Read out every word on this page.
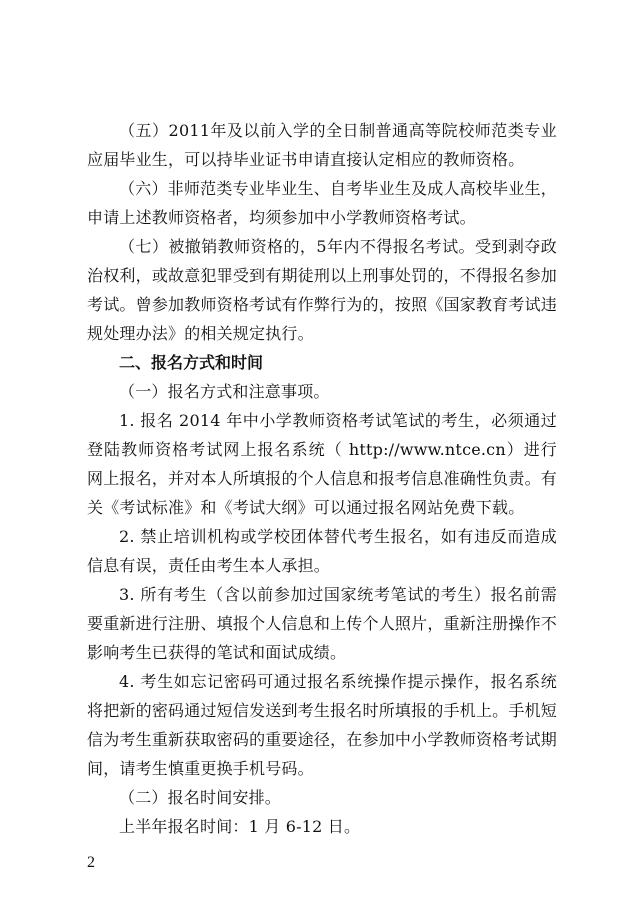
（五）2011年及以前入学的全日制普通高等院校师范类专业应届毕业生，可以持毕业证书申请直接认定相应的教师资格。

（六）非师范类专业毕业生、自考毕业生及成人高校毕业生，申请上述教师资格者，均须参加中小学教师资格考试。

（七）被撤销教师资格的，5年内不得报名考试。受到剥夺政治权利，或故意犯罪受到有期徒刑以上刑事处罚的，不得报名参加考试。曾参加教师资格考试有作弊行为的，按照《国家教育考试违规处理办法》的相关规定执行。

二、报名方式和时间

（一）报名方式和注意事项。

1. 报名 2014 年中小学教师资格考试笔试的考生，必须通过登陆教师资格考试网上报名系统（ http://www.ntce.cn）进行网上报名，并对本人所填报的个人信息和报考信息准确性负责。有关《考试标准》和《考试大纲》可以通过报名网站免费下载。

2. 禁止培训机构或学校团体替代考生报名，如有违反而造成信息有误，责任由考生本人承担。

3. 所有考生（含以前参加过国家统考笔试的考生）报名前需要重新进行注册、填报个人信息和上传个人照片，重新注册操作不影响考生已获得的笔试和面试成绩。

4. 考生如忘记密码可通过报名系统操作提示操作，报名系统将把新的密码通过短信发送到考生报名时所填报的手机上。手机短信为考生重新获取密码的重要途径，在参加中小学教师资格考试期间，请考生慎重更换手机号码。

（二）报名时间安排。

上半年报名时间：1 月 6-12 日。

2
